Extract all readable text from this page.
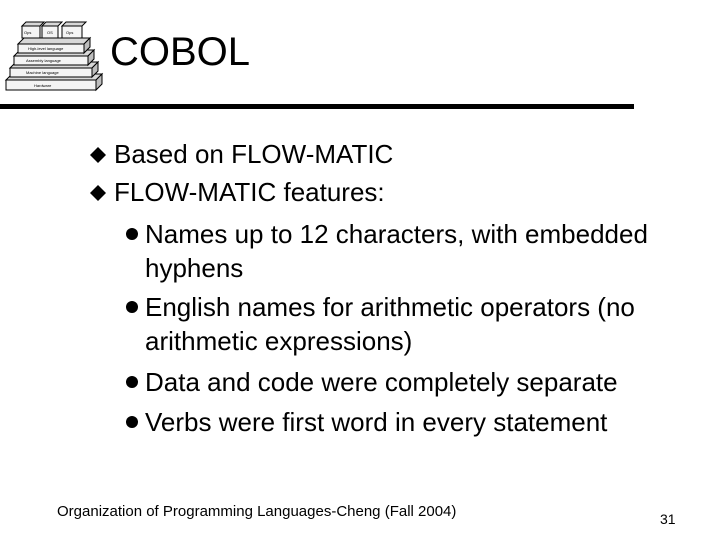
Ops	OS	Ops
High-level language
Assembly language
Machine language
Hardware
COBOL
Based on FLOW-MATIC
FLOW-MATIC features:
Names up to 12 characters, with embedded
hyphens
English names for arithmetic operators (no
arithmetic expressions)
Data and code were completely separate
Verbs were first word in every statement
Organization of Programming Languages-Cheng (Fall 2004)	31
